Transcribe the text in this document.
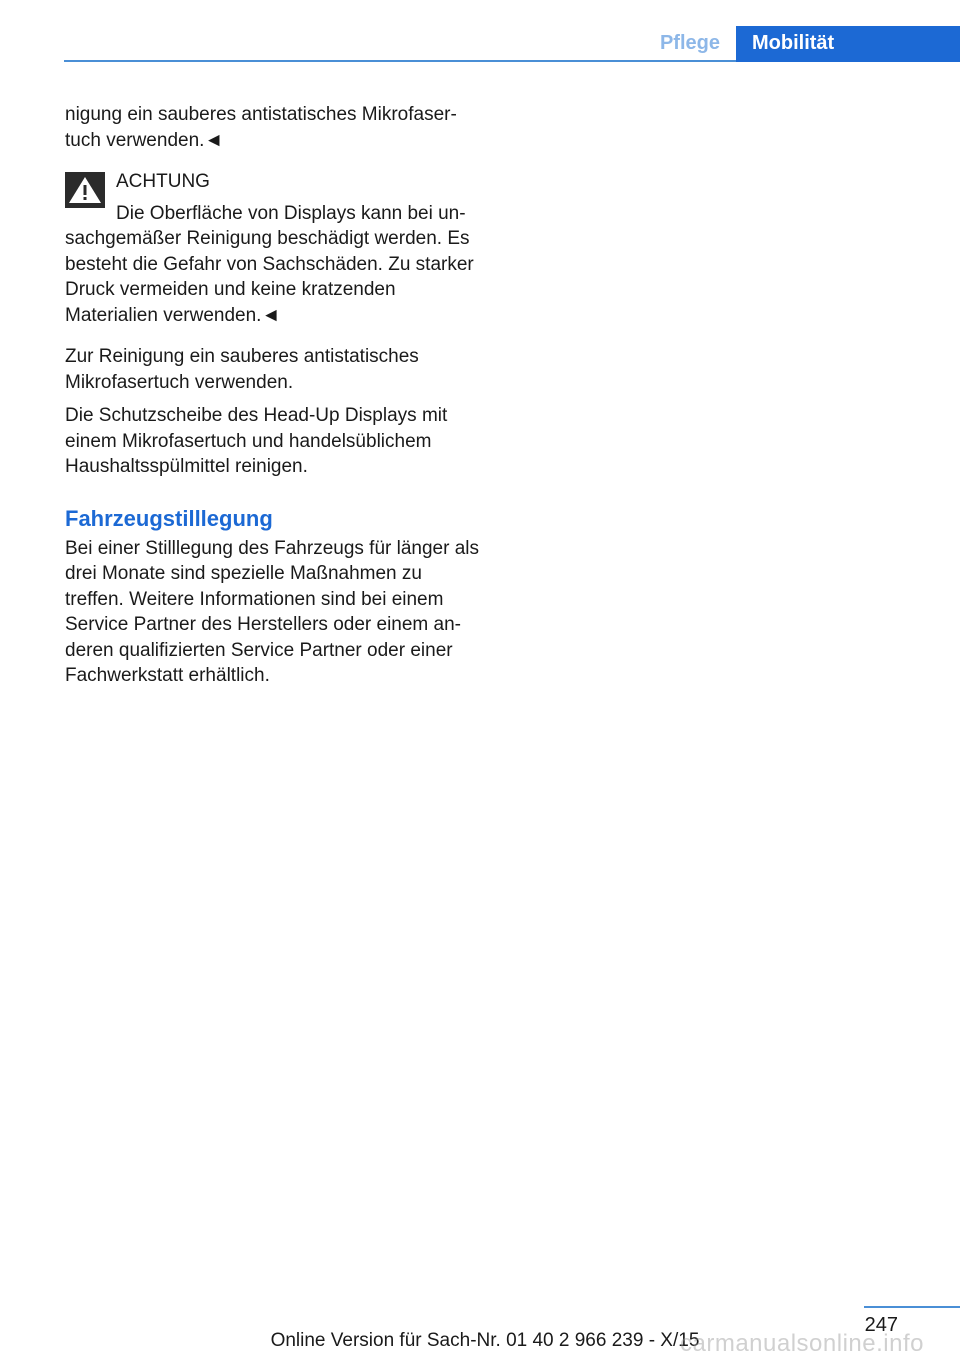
Pflege	Mobilität

nigung ein sauberes antistatisches Mikrofasertuch verwenden.◄

ACHTUNG

Die Oberfläche von Displays kann bei un‐

sachgemäßer Reinigung beschädigt werden. Es besteht die Gefahr von Sachschäden. Zu starker Druck vermeiden und keine kratzenden Materialien verwenden.◄

Zur Reinigung ein sauberes antistatisches Mikrofasertuch verwenden.

Die Schutzscheibe des Head-Up Displays mit einem Mikrofasertuch und handelsüblichem Haushaltsspülmittel reinigen.

Fahrzeugstilllegung

Bei einer Stilllegung des Fahrzeugs für länger als drei Monate sind spezielle Maßnahmen zu treffen. Weitere Informationen sind bei einem Service Partner des Herstellers oder einem an‐deren qualifizierten Service Partner oder einer Fachwerkstatt erhältlich.

247
Online Version für Sach-Nr. 01 40 2 966 239 - X/15
carmanualsonline.info
